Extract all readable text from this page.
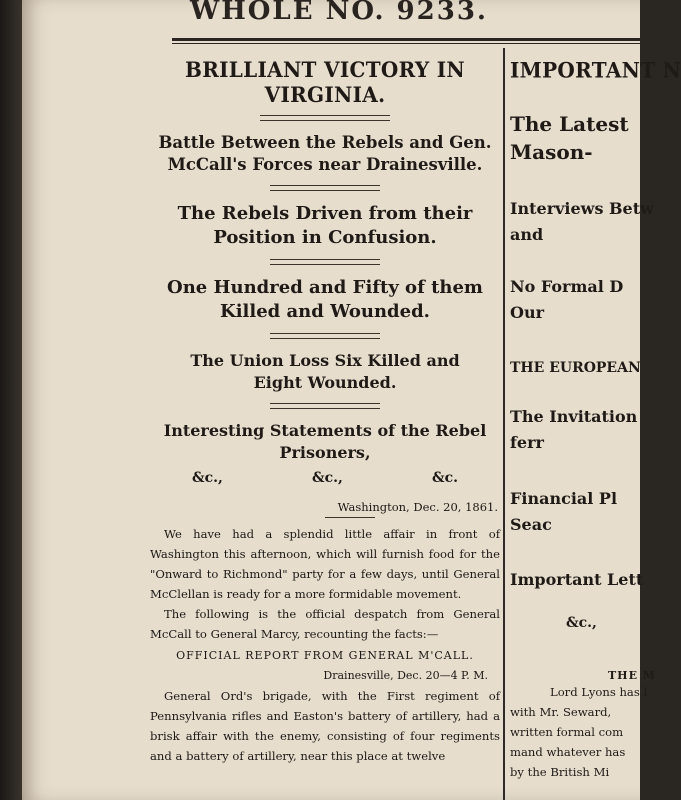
WHOLE NO. 9233.
BRILLIANT VICTORY IN VIRGINIA.
Battle Between the Rebels and Gen.
McCall's Forces near Drainesville.
The Rebels Driven from their
Position in Confusion.
One Hundred and Fifty of them
Killed and Wounded.
The Union Loss Six Killed and
Eight Wounded.
Interesting Statements of the Rebel
Prisoners,
&c.,	&c.,	&c.
Washington, Dec. 20, 1861.

We have had a splendid little affair in front of Washington this afternoon, which will furnish food for the "Onward to Richmond" party for a few days, until General McClellan is ready for a more formidable movement.

The following is the official despatch from General McCall to General Marcy, recounting the facts:—

OFFICIAL REPORT FROM GENERAL M'CALL.
Drainesville, Dec. 20—4 P. M.

General Ord's brigade, with the First regiment of Pennsylvania rifles and Easton's battery of artillery, had a brisk affair with the enemy, consisting of four regiments and a battery of artillery, near this place at twelve

IMPORTANT N
The Latest
Mason-
Interviews Betw
and
No Formal D
Our
THE EUROPEAN
The Invitation
ferr
Financial Pl
Seac
Important Lett
&c.,
THE M
Lord Lyons has l
with Mr. Seward,
written formal com
mand whatever has
by the British Mi
